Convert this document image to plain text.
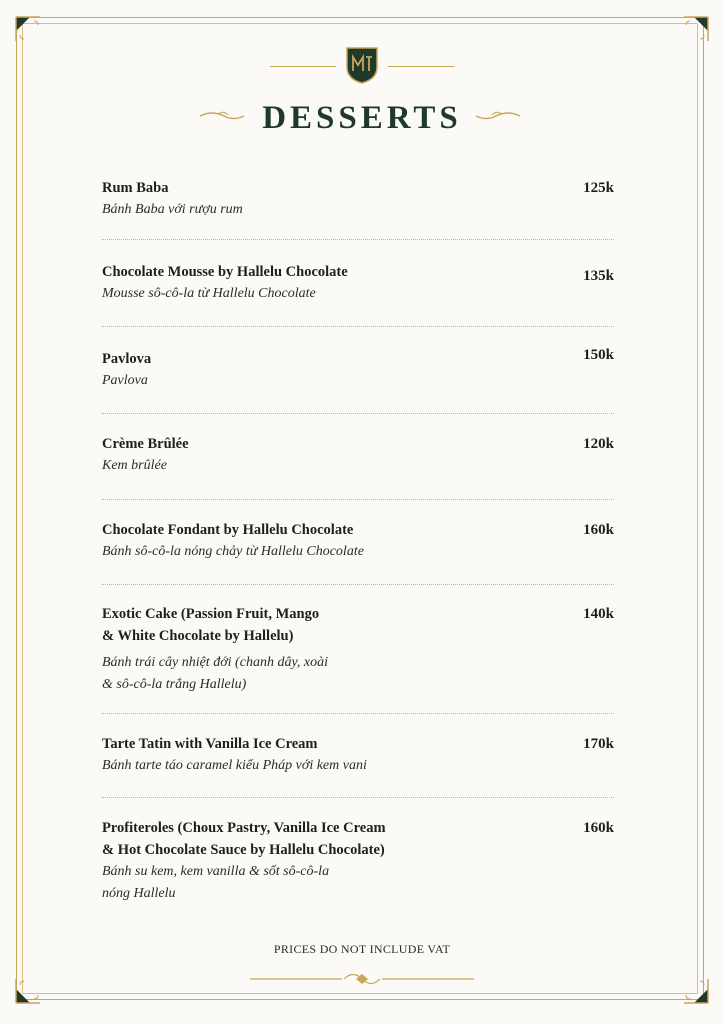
DESSERTS
Rum Baba
Bánh Baba với rượu rum
125k
Chocolate Mousse by Hallelu Chocolate
Mousse sô-cô-la từ Hallelu Chocolate
135k
Pavlova
Pavlova
150k
Crème Brûlée
Kem brûlée
120k
Chocolate Fondant by Hallelu Chocolate
Bánh sô-cô-la nóng chảy từ Hallelu Chocolate
160k
Exotic Cake (Passion Fruit, Mango
& White Chocolate by Hallelu)
Bánh trái cây nhiệt đới (chanh dây, xoài
& sô-cô-la trắng Hallelu)
140k
Tarte Tatin with Vanilla Ice Cream
Bánh tarte táo caramel kiểu Pháp với kem vani
170k
Profiteroles (Choux Pastry, Vanilla Ice Cream
& Hot Chocolate Sauce by Hallelu Chocolate)
Bánh su kem, kem vanilla & sốt sô-cô-la
nóng Hallelu
160k
PRICES DO NOT INCLUDE VAT
